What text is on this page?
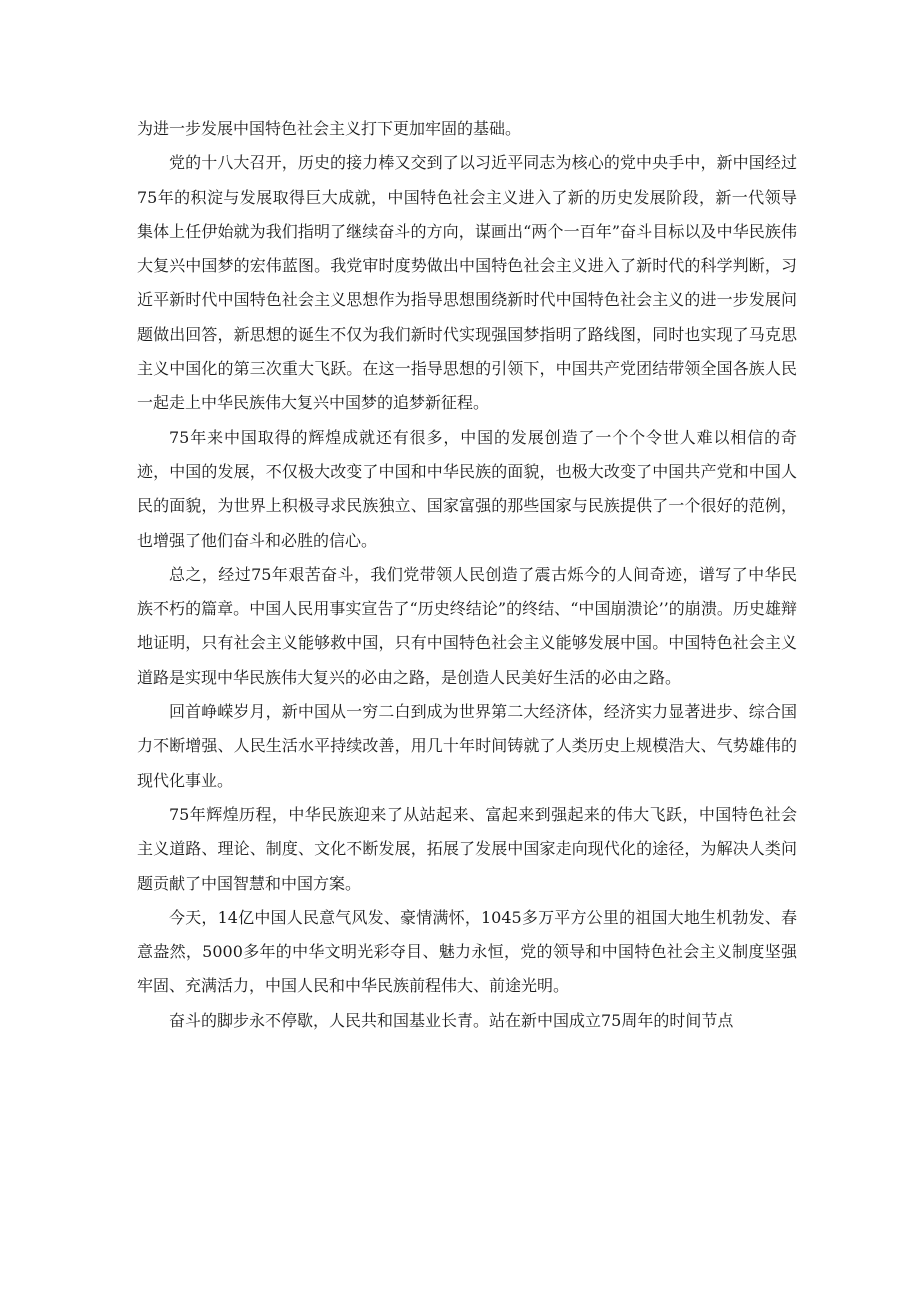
为进一步发展中国特色社会主义打下更加牢固的基础。

党的十八大召开，历史的接力棒又交到了以习近平同志为核心的党中央手中，新中国经过75年的积淀与发展取得巨大成就，中国特色社会主义进入了新的历史发展阶段，新一代领导集体上任伊始就为我们指明了继续奋斗的方向，谋画出“两个一百年”奋斗目标以及中华民族伟大复兴中国梦的宏伟蓝图。我党审时度势做出中国特色社会主义进入了新时代的科学判断，习近平新时代中国特色社会主义思想作为指导思想围绕新时代中国特色社会主义的进一步发展问题做出回答，新思想的诞生不仅为我们新时代实现强国梦指明了路线图，同时也实现了马克思主义中国化的第三次重大飞跃。在这一指导思想的引领下，中国共产党团结带领全国各族人民一起走上中华民族伟大复兴中国梦的追梦新征程。

75年来中国取得的辉煌成就还有很多，中国的发展创造了一个个令世人难以相信的奇迹，中国的发展，不仅极大改变了中国和中华民族的面貌，也极大改变了中国共产党和中国人民的面貌，为世界上积极寻求民族独立、国家富强的那些国家与民族提供了一个很好的范例，也增强了他们奋斗和必胜的信心。

总之，经过75年艰苦奋斗，我们党带领人民创造了震古烁今的人间奇迹，谱写了中华民族不朽的篇章。中国人民用事实宣告了“历史终结论”的终结、“中国崩溃论’’的崩溃。历史雄辩地证明，只有社会主义能够救中国，只有中国特色社会主义能够发展中国。中国特色社会主义道路是实现中华民族伟大复兴的必由之路，是创造人民美好生活的必由之路。

回首峥嵘岁月，新中国从一穷二白到成为世界第二大经济体，经济实力显著进步、综合国力不断增强、人民生活水平持续改善，用几十年时间铸就了人类历史上规模浩大、气势雄伟的现代化事业。

75年辉煌历程，中华民族迎来了从站起来、富起来到强起来的伟大飞跃，中国特色社会主义道路、理论、制度、文化不断发展，拓展了发展中国家走向现代化的途径，为解决人类问题贡献了中国智慧和中国方案。

今天，14亿中国人民意气风发、豪情满怀，1045多万平方公里的祖国大地生机勃发、春意盎然，5000多年的中华文明光彩夺目、魅力永恒，党的领导和中国特色社会主义制度坚强牢固、充满活力，中国人民和中华民族前程伟大、前途光明。

奋斗的脚步永不停歇，人民共和国基业长青。站在新中国成立75周年的时间节点
